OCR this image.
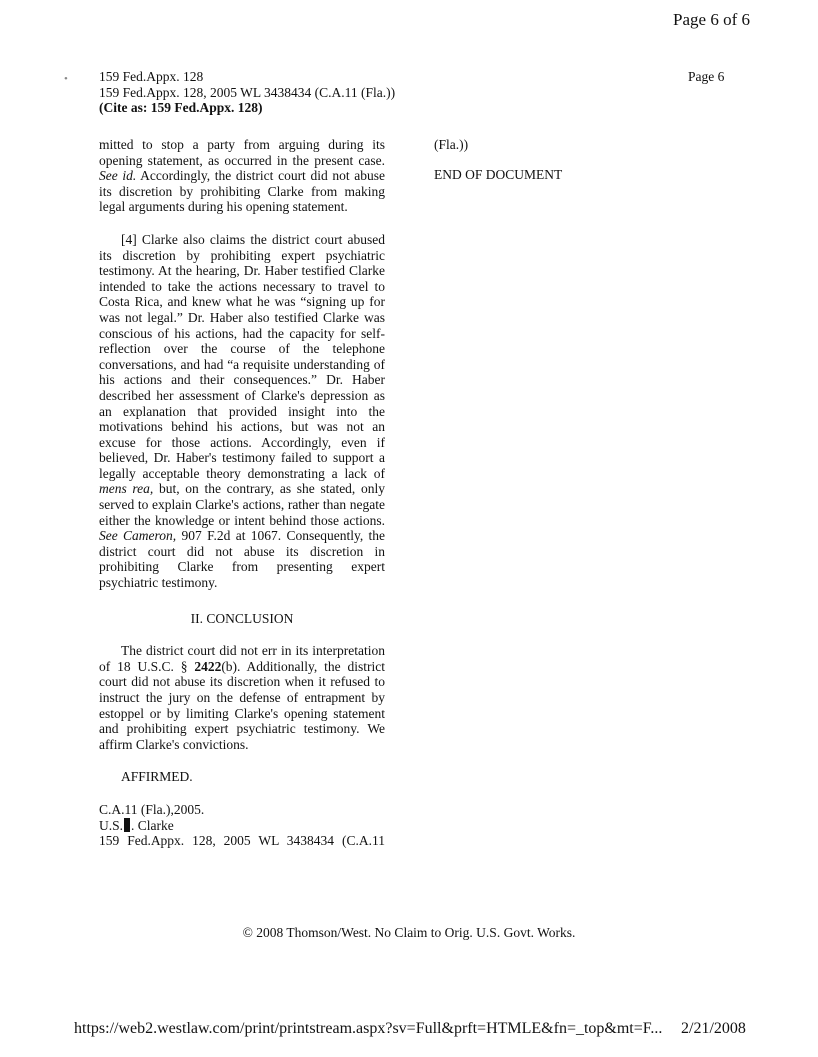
Page 6 of 6
• 159 Fed.Appx. 128
159 Fed.Appx. 128, 2005 WL 3438434 (C.A.11 (Fla.))
(Cite as: 159 Fed.Appx. 128)
Page 6

mitted to stop a party from arguing during its opening statement, as occurred in the present case. See id. Accordingly, the district court did not abuse its discretion by prohibiting Clarke from making legal arguments during his opening statement.

[4] Clarke also claims the district court abused its discretion by prohibiting expert psychiatric testimony. At the hearing, Dr. Haber testified Clarke intended to take the actions necessary to travel to Costa Rica, and knew what he was “signing up for was not legal.” Dr. Haber also testified Clarke was conscious of his actions, had the capacity for self-reflection over the course of the telephone conversations, and had “a requisite understanding of his actions and their consequences.” Dr. Haber described her assessment of Clarke's depression as an explanation that provided insight into the motivations behind his actions, but was not an excuse for those actions. Accordingly, even if believed, Dr. Haber's testimony failed to support a legally acceptable theory demonstrating a lack of mens rea, but, on the contrary, as she stated, only served to explain Clarke's actions, rather than negate either the knowledge or intent behind those actions. See Cameron, 907 F.2d at 1067. Consequently, the district court did not abuse its discretion in prohibiting Clarke from presenting expert psychiatric testimony.

II. CONCLUSION

The district court did not err in its interpretation of 18 U.S.C. § 2422(b). Additionally, the district court did not abuse its discretion when it refused to instruct the jury on the defense of entrapment by estoppel or by limiting Clarke's opening statement and prohibiting expert psychiatric testimony. We affirm Clarke's convictions.

AFFIRMED.

C.A.11 (Fla.),2005.
U.S. . Clarke
159 Fed.Appx. 128, 2005 WL 3438434 (C.A.11

(Fla.))

END OF DOCUMENT

© 2008 Thomson/West. No Claim to Orig. U.S. Govt. Works.
https://web2.westlaw.com/print/printstream.aspx?sv=Full&prft=HTMLE&fn=_top&mt=F... 2/21/2008
